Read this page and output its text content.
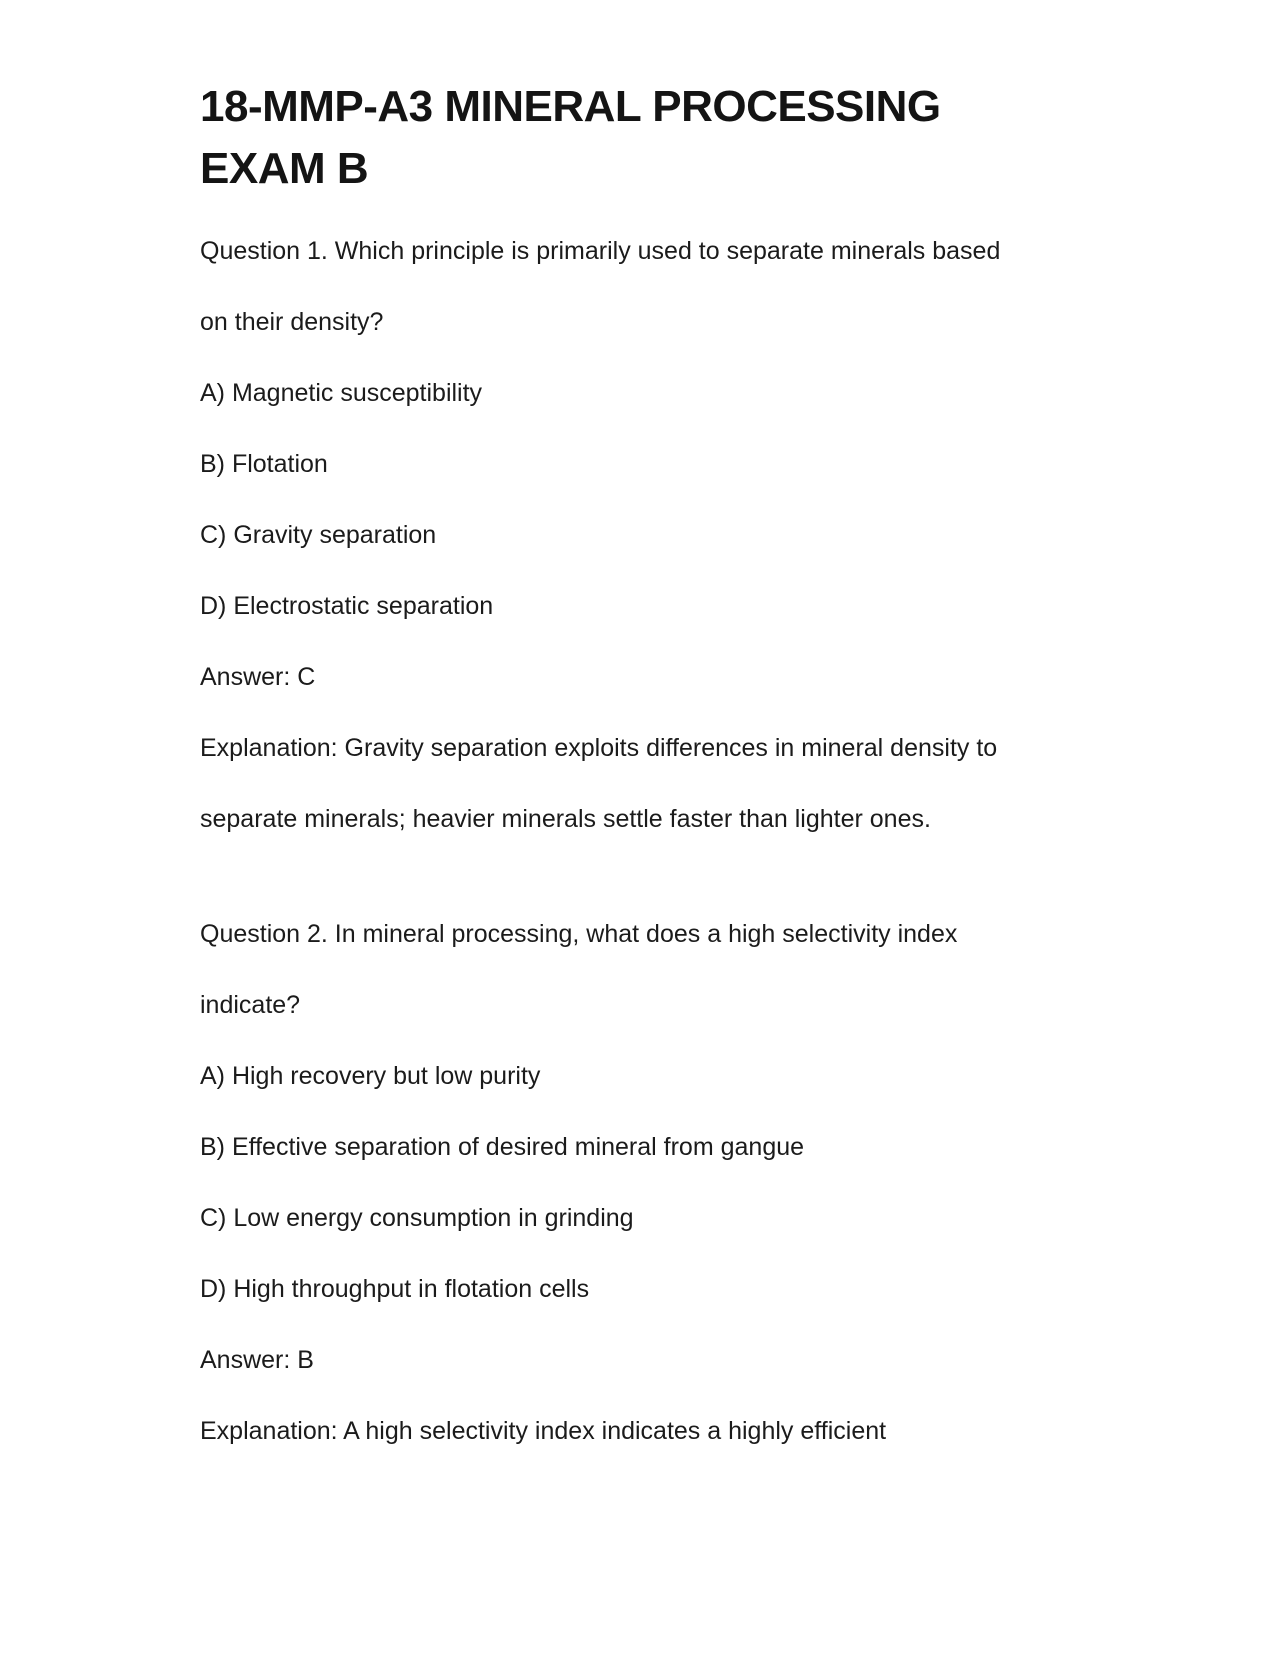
18-MMP-A3 MINERAL PROCESSING
EXAM B

Question 1. Which principle is primarily used to separate minerals based

on their density?

A) Magnetic susceptibility

B) Flotation

C) Gravity separation

D) Electrostatic separation

Answer: C

Explanation: Gravity separation exploits differences in mineral density to

separate minerals; heavier minerals settle faster than lighter ones.

Question 2. In mineral processing, what does a high selectivity index

indicate?

A) High recovery but low purity

B) Effective separation of desired mineral from gangue

C) Low energy consumption in grinding

D) High throughput in flotation cells

Answer: B

Explanation: A high selectivity index indicates a highly efficient
